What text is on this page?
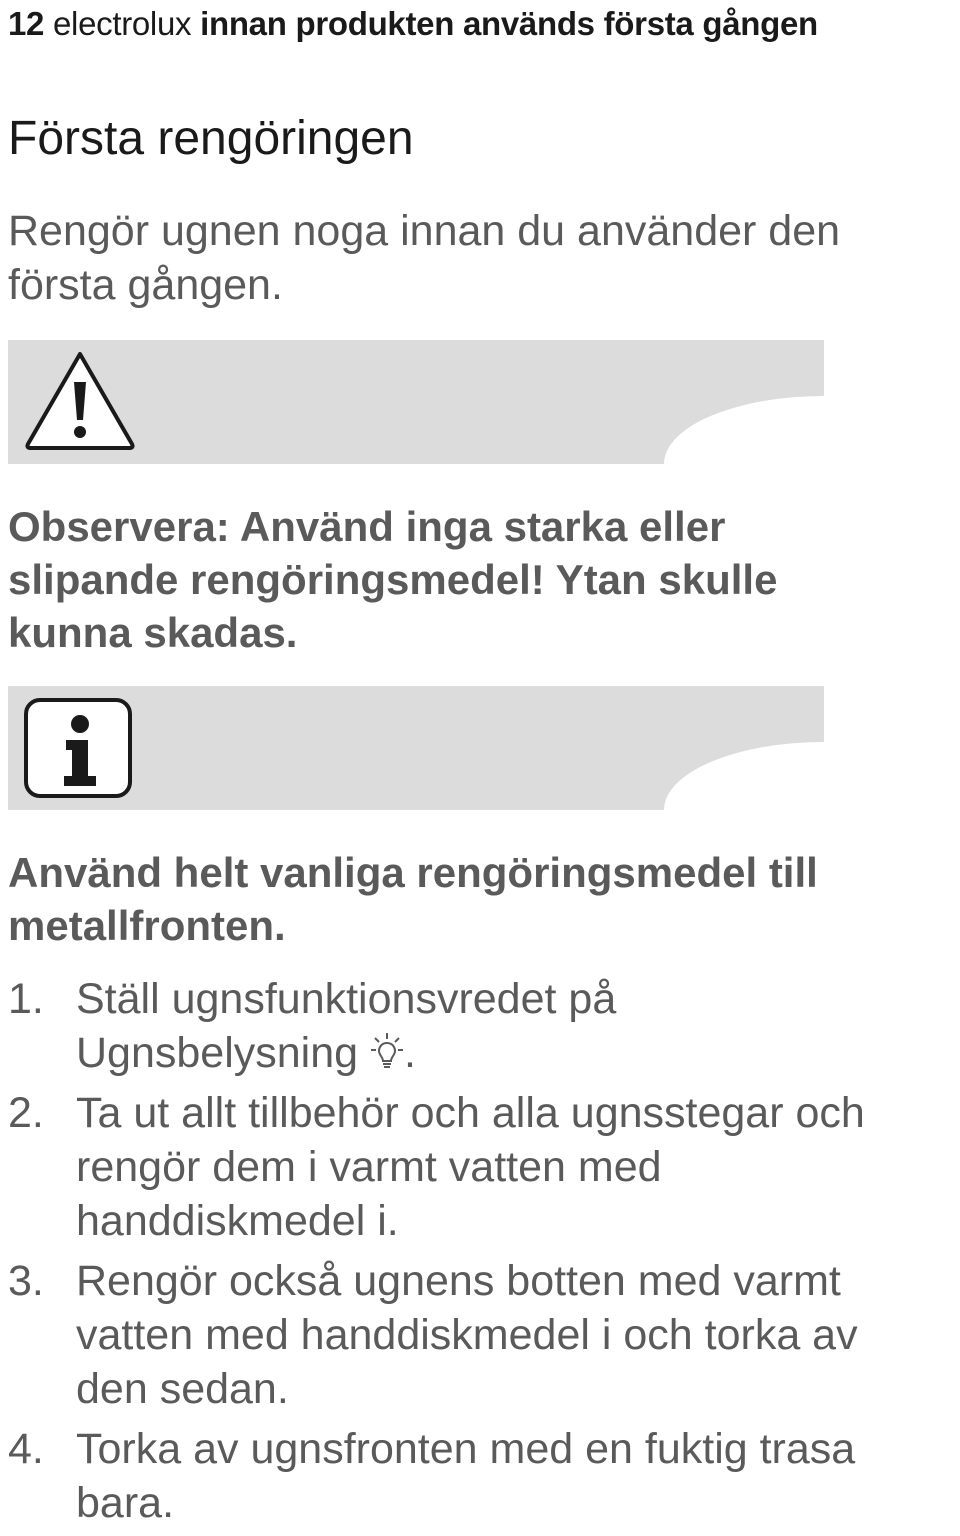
12 electrolux innan produkten används första gången
Första rengöringen
Rengör ugnen noga innan du använder den första gången.
Observera: Använd inga starka eller slipande rengöringsmedel! Ytan skulle kunna skadas.
Använd helt vanliga rengöringsmedel till metallfronten.
1. Ställ ugnsfunktionsvredet på Ugnsbelysning .
2. Ta ut allt tillbehör och alla ugnsstegar och rengör dem i varmt vatten med handdiskmedel i.
3. Rengör också ugnens botten med varmt vatten med handdiskmedel i och torka av den sedan.
4. Torka av ugnsfronten med en fuktig trasa bara.
